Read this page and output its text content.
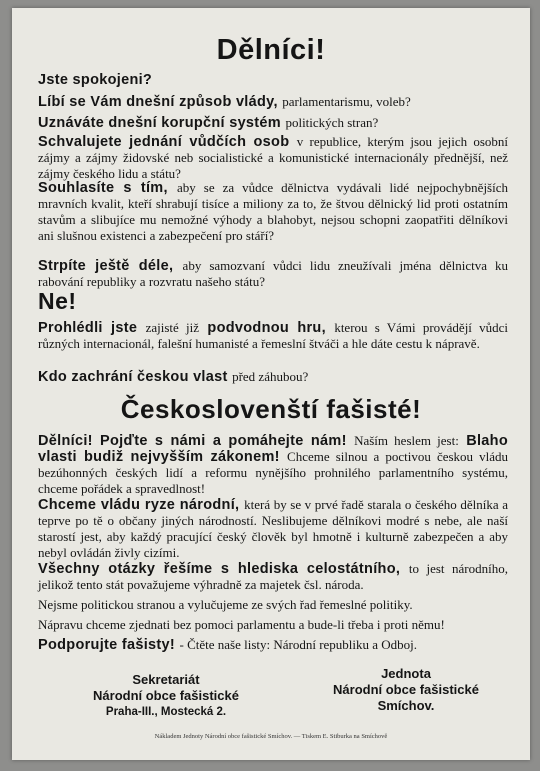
Dělníci!
Jste spokojeni?
Líbí se Vám dnešní způsob vlády, parlamentarismu, voleb?
Uznáváte dnešní korupční systém politických stran?
Schvalujete jednání vůdčích osob v republice, kterým jsou jejich osobní zájmy a zájmy židovské neb socialistické a komunistické internacionály přednější, než zájmy českého lidu a státu?
Souhlasíte s tím, aby se za vůdce dělnictva vydávali lidé nejpochybnějších mravních kvalit, kteří shrabují tisíce a miliony za to, že štvou dělnický lid proti ostatním stavům a slibujíce mu nemožné výhody a blahobyt, nejsou schopni zaopatřiti dělníkovi ani slušnou existenci a zabezpečení pro stáří?
Strpíte ještě déle, aby samozvaní vůdci lidu zneužívali jména dělnictva ku rabování republiky a rozvratu našeho státu?
Ne!
Prohlédli jste zajisté již podvodnou hru, kterou s Vámi provádějí vůdci různých internacionál, falešní humanisté a řemeslní štváči a hle dáte cestu k nápravě.
Kdo zachrání českou vlast před záhubou?
Českoslovenští fašisté!
Dělníci! Pojďte s námi a pomáhejte nám! Naším heslem jest: Blaho vlasti budiž nejvyšším zákonem! Chceme silnou a poctivou českou vládu bezúhonných českých lidí a reformu nynějšího prohnilého parlamentního systému, chceme pořádek a spravedlnost!
Chceme vládu ryze národní, která by se v prvé řadě starala o českého dělníka a teprve po tě o občany jiných národností. Neslibujeme dělníkovi modré s nebe, ale naší starostí jest, aby každý pracující český člověk byl hmotně i kulturně zabezpečen a aby nebyl ovládán živly cizími.
Všechny otázky řešíme s hlediska celostátního, to jest národního, jelikož tento stát považujeme výhradně za majetek čsl. národa.
Nejsme politickou stranou a vylučujeme ze svých řad řemeslné politiky.
Nápravu chceme zjednati bez pomoci parlamentu a bude-li třeba i proti němu!
Podporujte fašisty! - Čtěte naše listy: Národní republiku a Odboj.
Sekretariát
Národní obce fašistické
Praha-III., Mostecká 2.
Jednota
Národní obce fašistické
Smíchov.
Nákladem Jednoty Národní obce fašistické Smíchov. — Tiskem E. Stiburka na Smíchově
